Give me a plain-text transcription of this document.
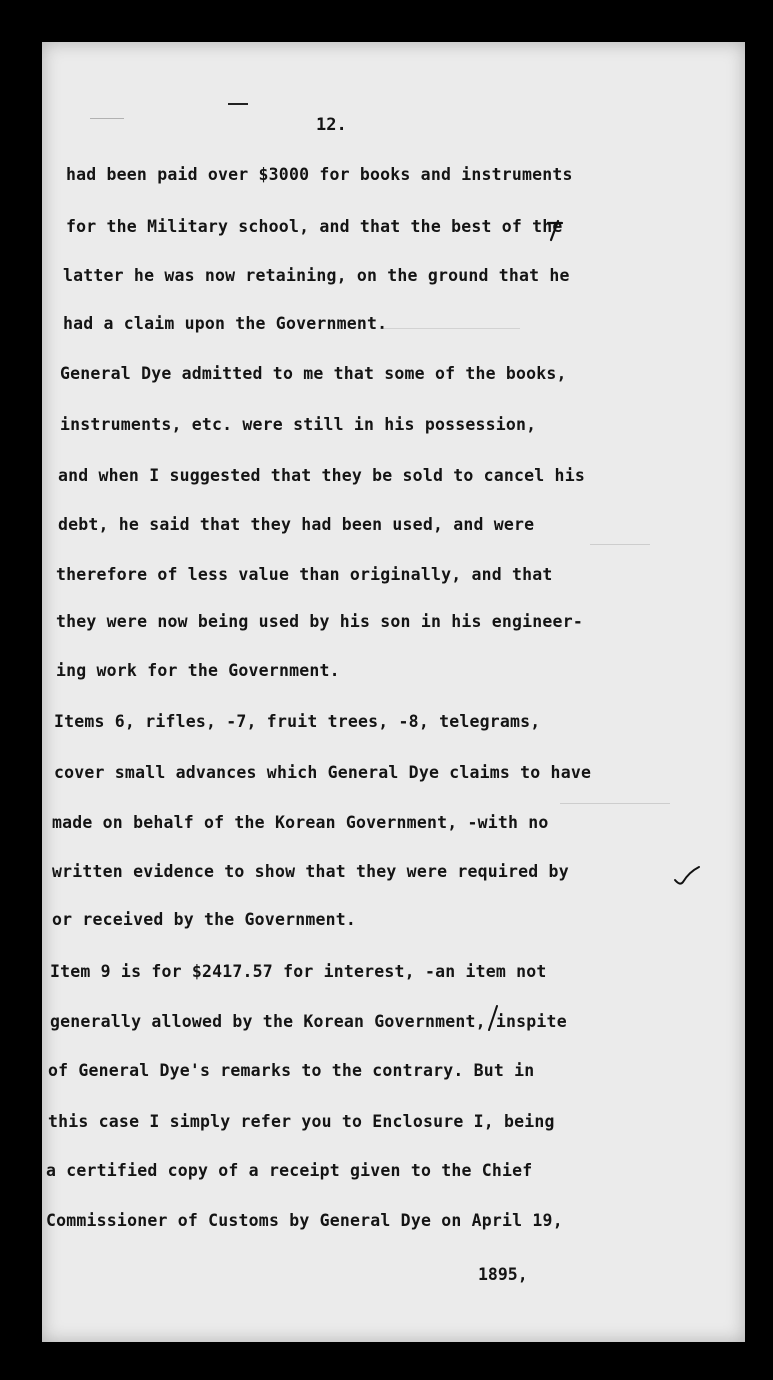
12.

had been paid over $3000 for books and instruments

for the Military school, and that the best of the

latter he was now retaining, on the ground that he

had a claim upon the Government.

General Dye admitted to me that some of the books,

instruments, etc. were still in his possession,

and when I suggested that they be sold to cancel his

debt, he said that they had been used, and were

therefore of less value than originally, and that

they were now being used by his son in his engineer-

ing work for the Government.

Items 6, rifles, -7, fruit trees, -8, telegrams,

cover small advances which General Dye claims to have

made on behalf of the Korean Government, -with no

written evidence to show that they were required by

or received by the Government.

Item 9 is for $2417.57 for interest, -an item not

generally allowed by the Korean Government, inspite

of General Dye's remarks to the contrary. But in

this case I simply refer you to Enclosure I, being

a certified copy of a receipt given to the Chief

Commissioner of Customs by General Dye on April 19,

1895,
